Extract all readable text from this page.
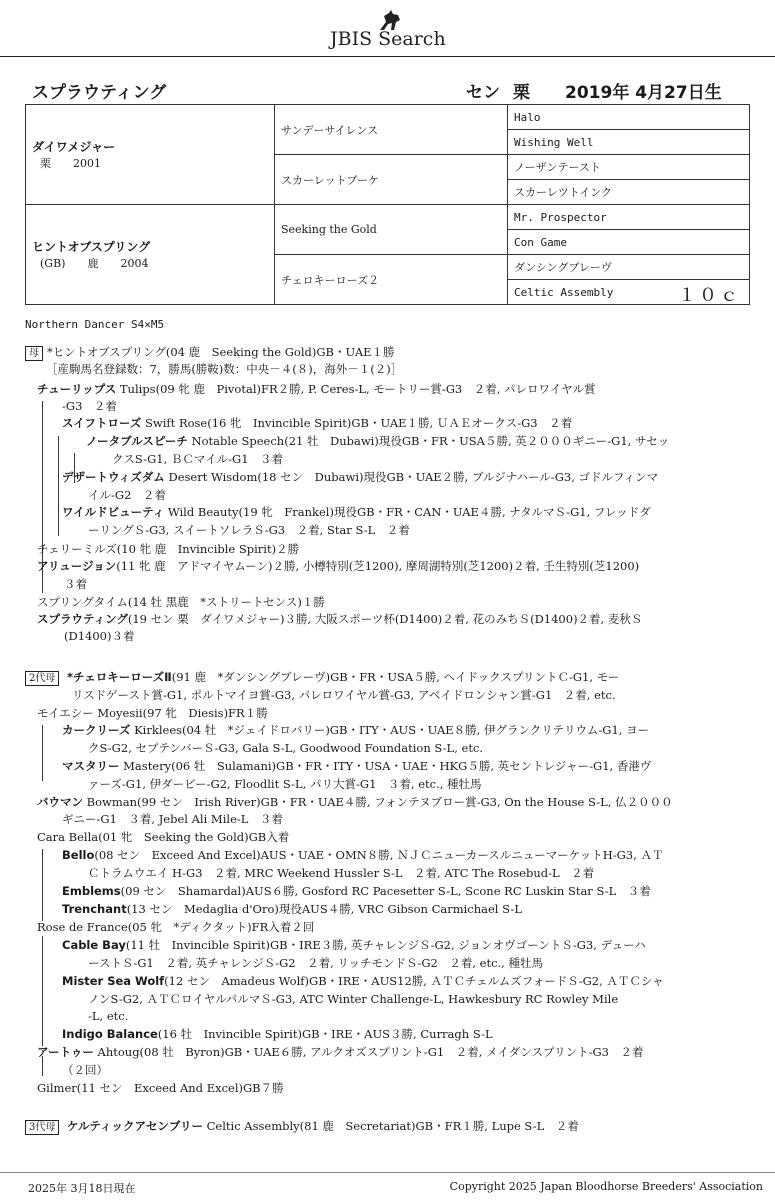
JBIS Search
スプラウティング	セン 栗 2019年 4月27日生
ダイワメジャー
栗　　2001	サンデーサイレンス	Halo
		Wishing Well
	スカーレットブーケ	ノーザンテースト
		スカーレツトインク

ヒントオブスプリング
(GB)　　鹿　　2004	Seeking the Gold	Mr. Prospector
		Con Game
	チェロキーローズ２	ダンシングブレーヴ
		Celtic Assembly １０ｃ
Northern Dancer S4×M5
母 *ヒントオブスプリング(04 鹿　Seeking the Gold)GB・UAE１勝
［産駒馬名登録数：7，勝馬(勝鞍)数：中央－４(８)，海外－１(２)］
チューリップス Tulips(09 牝 鹿　Pivotal)FR２勝, P. Ceres-L, モートリー賞-G3　２着, パレロワイヤル賞
-G3　２着
スイフトローズ Swift Rose(16 牝　Invincible Spirit)GB・UAE１勝, ＵＡＥオークス-G3　２着
ノータブルスピーチ Notable Speech(21 牡　Dubawi)現役GB・FR・USA５勝, 英２０００ギニー-G1, サセッ
クスS-G1, ＢＣマイル-G1　３着
デザートウィズダム Desert Wisdom(18 セン　Dubawi)現役GB・UAE２勝, ブルジナハール-G3, ゴドルフィンマ
イル-G2　２着
ワイルドビューティ Wild Beauty(19 牝　Frankel)現役GB・FR・CAN・UAE４勝, ナタルマＳ-G1, フレッドダ
ーリングＳ-G3, スイートソレラＳ-G3　２着, Star S-L　２着
チェリーミルズ(10 牝 鹿　Invincible Spirit)２勝
アリュージョン(11 牝 鹿　アドマイヤムーン)２勝, 小樽特別(芝1200), 摩周湖特別(芝1200)２着, 壬生特別(芝1200)
３着
スプリングタイム(14 牡 黒鹿　*ストリートセンス)１勝
スプラウティング(19 セン 栗　ダイワメジャー)３勝, 大阪スポーツ杯(D1400)２着, 花のみちＳ(D1400)２着, 麦秋Ｓ
(D1400)３着
2代母 *チェロキーローズⅡ(91 鹿　*ダンシングブレーヴ)GB・FR・USA５勝, ヘイドックスプリントＣ-G1, モー
リスドゲースト賞-G1, ポルトマイヨ賞-G3, パレロワイヤル賞-G3, アベイドロンシャン賞-G1　２着, etc.
モイエシー Moyesii(97 牝　Diesis)FR１勝
カークリーズ Kirklees(04 牡　*ジェイドロバリー)GB・ITY・AUS・UAE８勝, 伊グランクリテリウム-G1, ヨー
クS-G2, セプテンバーＳ-G3, Gala S-L, Goodwood Foundation S-L, etc.
マスタリー Mastery(06 牡　Sulamani)GB・FR・ITY・USA・UAE・HKG５勝, 英セントレジャー-G1, 香港ヴ
ァーズ-G1, 伊ダービー-G2, Floodlit S-L, パリ大賞-G1　３着, etc., 種牡馬
バウマン Bowman(99 セン　Irish River)GB・FR・UAE４勝, フォンテヌブロー賞-G3, On the House S-L, 仏２０００
ギニー-G1　３着, Jebel Ali Mile-L　３着
Cara Bella(01 牝　Seeking the Gold)GB入着
Bello(08 セン　Exceed And Excel)AUS・UAE・OMN８勝, ＮＪＣニューカースルニューマーケットH-G3, ＡＴ
Ｃトラムウエイ H-G3　２着, MRC Weekend Hussler S-L　２着, ATC The Rosebud-L　２着
Emblems(09 セン　Shamardal)AUS６勝, Gosford RC Pacesetter S-L, Scone RC Luskin Star S-L　３着
Trenchant(13 セン　Medaglia d'Oro)現役AUS４勝, VRC Gibson Carmichael S-L
Rose de France(05 牝　*ディクタット)FR入着２回
Cable Bay(11 牡　Invincible Spirit)GB・IRE３勝, 英チャレンジＳ-G2, ジョンオヴゴーントＳ-G3, デューハ
ーストＳ-G1　２着, 英チャレンジＳ-G2　２着, リッチモンドＳ-G2　２着, etc., 種牡馬
Mister Sea Wolf(12 セン　Amadeus Wolf)GB・IRE・AUS12勝, ＡＴＣチェルムズフォードＳ-G2, ＡＴＣシャ
ノンS-G2, ＡＴＣロイヤルパルマＳ-G3, ATC Winter Challenge-L, Hawkesbury RC Rowley Mile
-L, etc.
Indigo Balance(16 牡　Invincible Spirit)GB・IRE・AUS３勝, Curragh S-L
アートゥー Ahtoug(08 牡　Byron)GB・UAE６勝, アルクオズスプリント-G1　２着, メイダンスプリント-G3　２着
（２回）
Gilmer(11 セン　Exceed And Excel)GB７勝
3代母 ケルティックアセンブリー Celtic Assembly(81 鹿　Secretariat)GB・FR１勝, Lupe S-L　２着
2025年 3月18日現在	Copyright 2025 Japan Bloodhorse Breeders' Association
